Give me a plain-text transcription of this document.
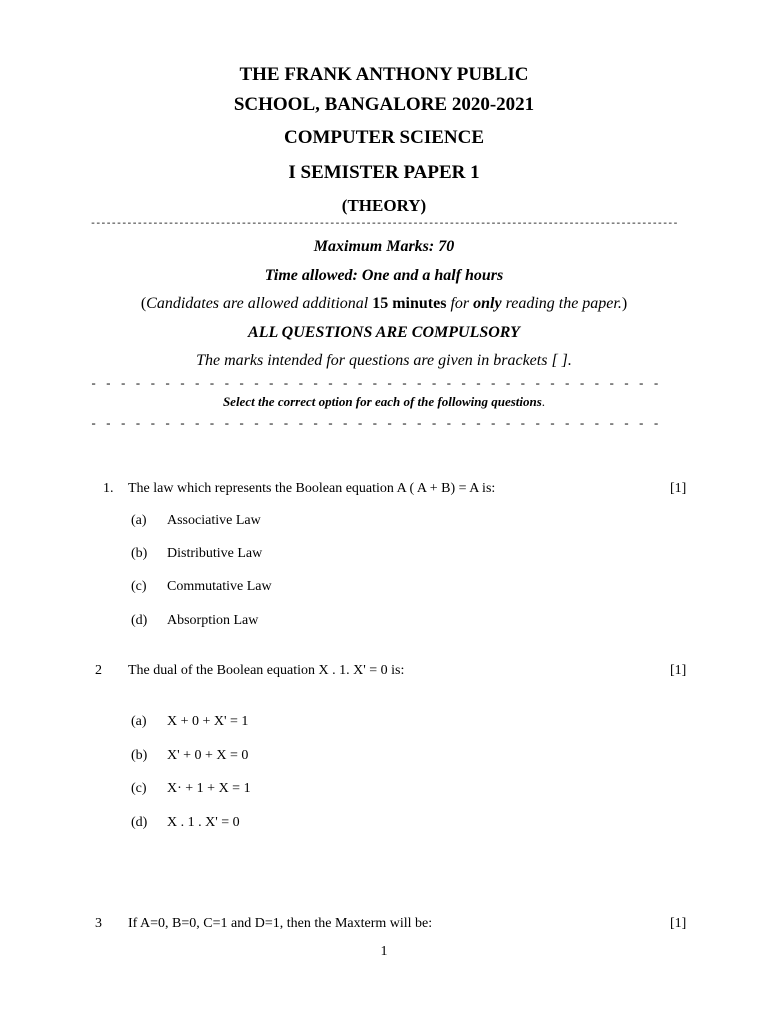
THE FRANK ANTHONY PUBLIC
SCHOOL, BANGALORE 2020-2021
COMPUTER SCIENCE
I SEMISTER PAPER 1
(THEORY)
-----------------------------------------------------------------------------------------------------------------
Maximum Marks: 70
Time allowed: One and a half hours
(Candidates are allowed additional 15 minutes for only reading the paper.)
ALL QUESTIONS ARE COMPULSORY
The marks intended for questions are given in brackets [ ].
- - - - - - - - - - - - - - - - - - - - - - - - - - - - - - - - - - - - - - -
Select the correct option for each of the following questions.
- - - - - - - - - - - - - - - - - - - - - - - - - - - - - - - - - - - - - - -
1. The law which represents the Boolean equation A ( A + B) = A is:	[1]
(a) Associative Law
(b) Distributive Law
(c) Commutative Law
(d) Absorption Law
2 The dual of the Boolean equation X . 1. X' = 0 is:	[1]
(a) X + 0 + X' = 1
(b) X' + 0 + X = 0
(c) X· + 1 + X = 1
(d) X . 1 . X' = 0
3 If A=0, B=0, C=1 and D=1, then the Maxterm will be:	[1]
1
